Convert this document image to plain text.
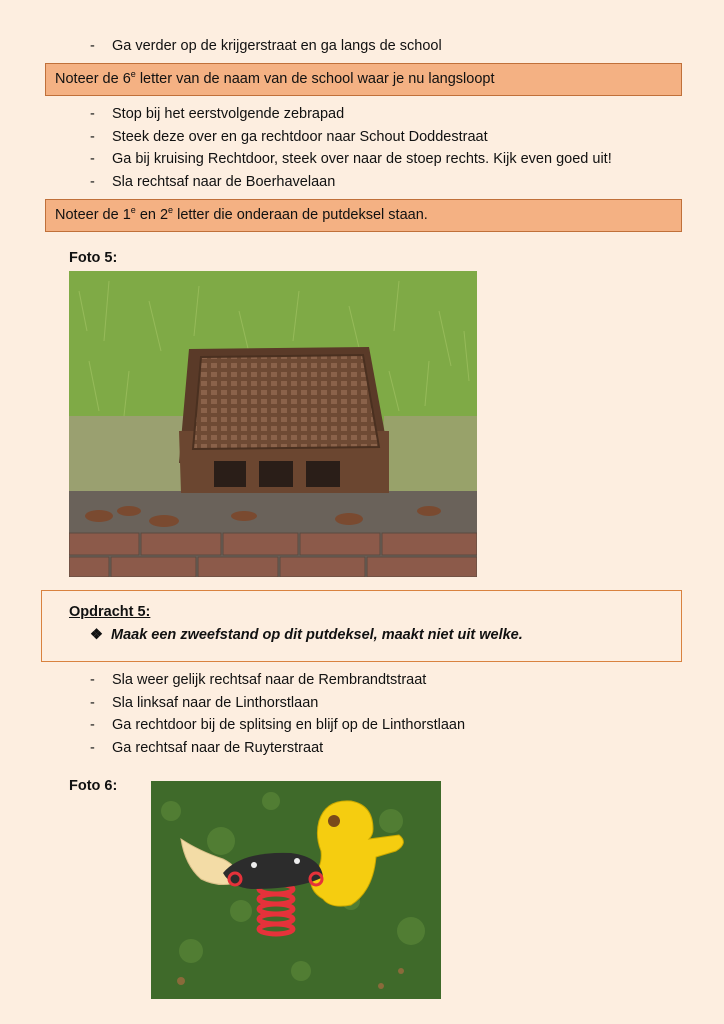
- Ga verder op de krijgerstraat en ga langs de school
Noteer de 6e letter van de naam van de school waar je nu langsloopt
- Stop bij het eerstvolgende zebrapad
- Steek deze over en ga rechtdoor naar Schout Doddestraat
- Ga bij kruising Rechtdoor, steek over naar de stoep rechts. Kijk even goed uit!
- Sla rechtsaf naar de Boerhavelaan
Noteer de 1e en 2e letter die onderaan de putdeksel staan.
Foto 5:
Opdracht 5:
❖ Maak een zweefstand op dit putdeksel, maakt niet uit welke.
- Sla weer gelijk rechtsaf naar de Rembrandtstraat
- Sla linksaf naar de Linthorstlaan
- Ga rechtdoor bij de splitsing en blijf op de Linthorstlaan
- Ga rechtsaf naar de Ruyterstraat
Foto 6:
